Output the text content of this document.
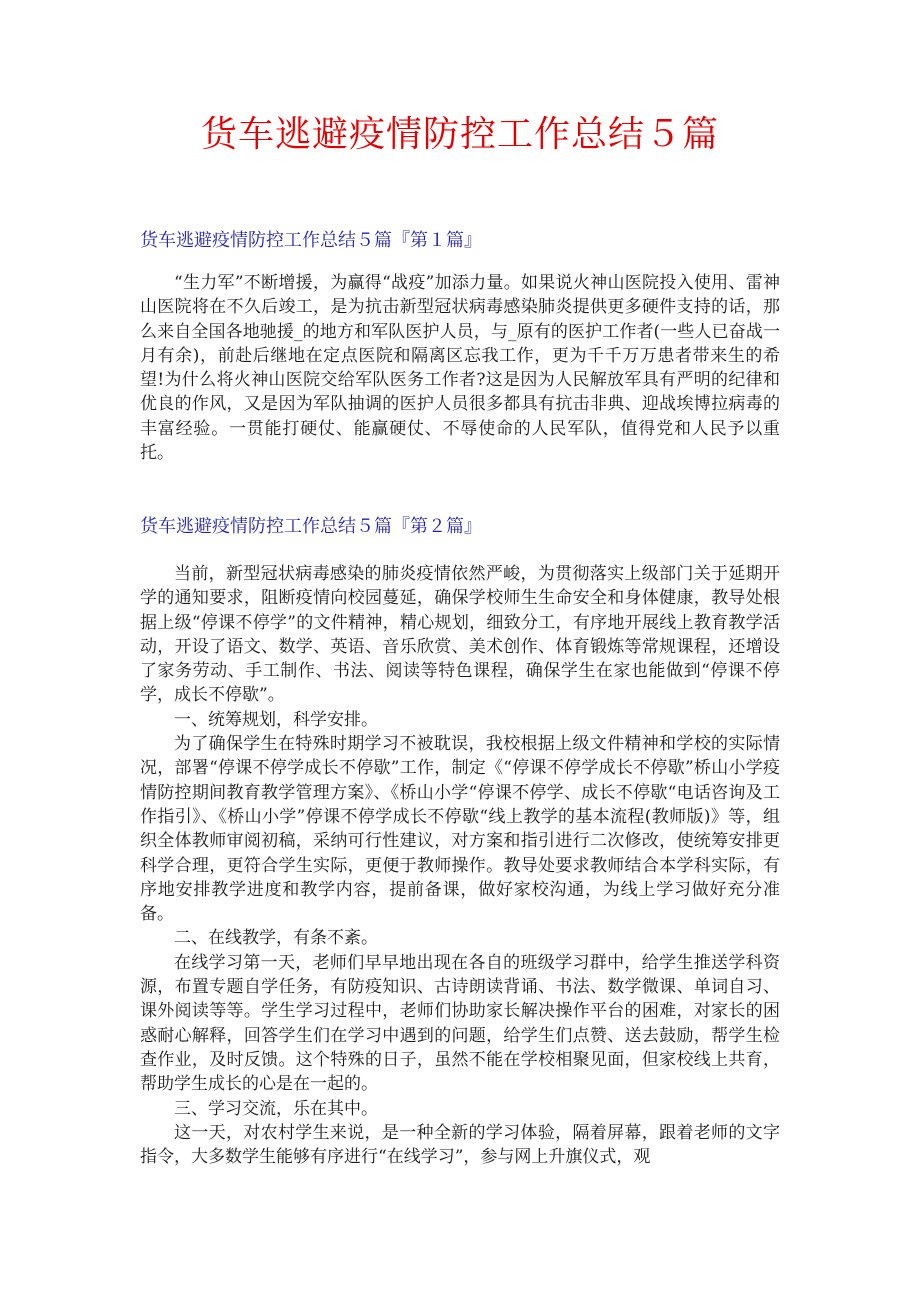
货车逃避疫情防控工作总结５篇
货车逃避疫情防控工作总结５篇『第１篇』

“生力军”不断增援，为赢得“战疫”加添力量。如果说火神山医院投入使用、雷神山医院将在不久后竣工，是为抗击新型冠状病毒感染肺炎提供更多硬件支持的话，那么来自全国各地驰援_的地方和军队医护人员，与_原有的医护工作者(一些人已奋战一月有余)，前赴后继地在定点医院和隔离区忘我工作，更为千千万万患者带来生的希望!为什么将火神山医院交给军队医务工作者?这是因为人民解放军具有严明的纪律和优良的作风，又是因为军队抽调的医护人员很多都具有抗击非典、迎战埃博拉病毒的丰富经验。一贯能打硬仗、能赢硬仗、不辱使命的人民军队，值得党和人民予以重托。

货车逃避疫情防控工作总结５篇『第２篇』

当前，新型冠状病毒感染的肺炎疫情依然严峻，为贯彻落实上级部门关于延期开学的通知要求，阻断疫情向校园蔓延，确保学校师生生命安全和身体健康，教导处根据上级“停课不停学”的文件精神，精心规划，细致分工，有序地开展线上教育教学活动，开设了语文、数学、英语、音乐欣赏、美术创作、体育锻炼等常规课程，还增设了家务劳动、手工制作、书法、阅读等特色课程，确保学生在家也能做到“停课不停学，成长不停歇”。

一、统筹规划，科学安排。

为了确保学生在特殊时期学习不被耽误，我校根据上级文件精神和学校的实际情况，部署“停课不停学成长不停歇”工作，制定《“停课不停学成长不停歇”桥山小学疫情防控期间教育教学管理方案》、《桥山小学“停课不停学、成长不停歇“电话咨询及工作指引》、《桥山小学”停课不停学成长不停歇“线上教学的基本流程(教师版)》等，组织全体教师审阅初稿，采纳可行性建议，对方案和指引进行二次修改，使统筹安排更科学合理，更符合学生实际，更便于教师操作。教导处要求教师结合本学科实际，有序地安排教学进度和教学内容，提前备课，做好家校沟通，为线上学习做好充分准备。

二、在线教学，有条不紊。

在线学习第一天，老师们早早地出现在各自的班级学习群中，给学生推送学科资源，布置专题自学任务，有防疫知识、古诗朗读背诵、书法、数学微课、单词自习、课外阅读等等。学生学习过程中，老师们协助家长解决操作平台的困难，对家长的困惑耐心解释，回答学生们在学习中遇到的问题，给学生们点赞、送去鼓励，帮学生检查作业，及时反馈。这个特殊的日子，虽然不能在学校相聚见面，但家校线上共育，帮助学生成长的心是在一起的。

三、学习交流，乐在其中。

这一天，对农村学生来说，是一种全新的学习体验，隔着屏幕，跟着老师的文字指令，大多数学生能够有序进行“在线学习”，参与网上升旗仪式，观
